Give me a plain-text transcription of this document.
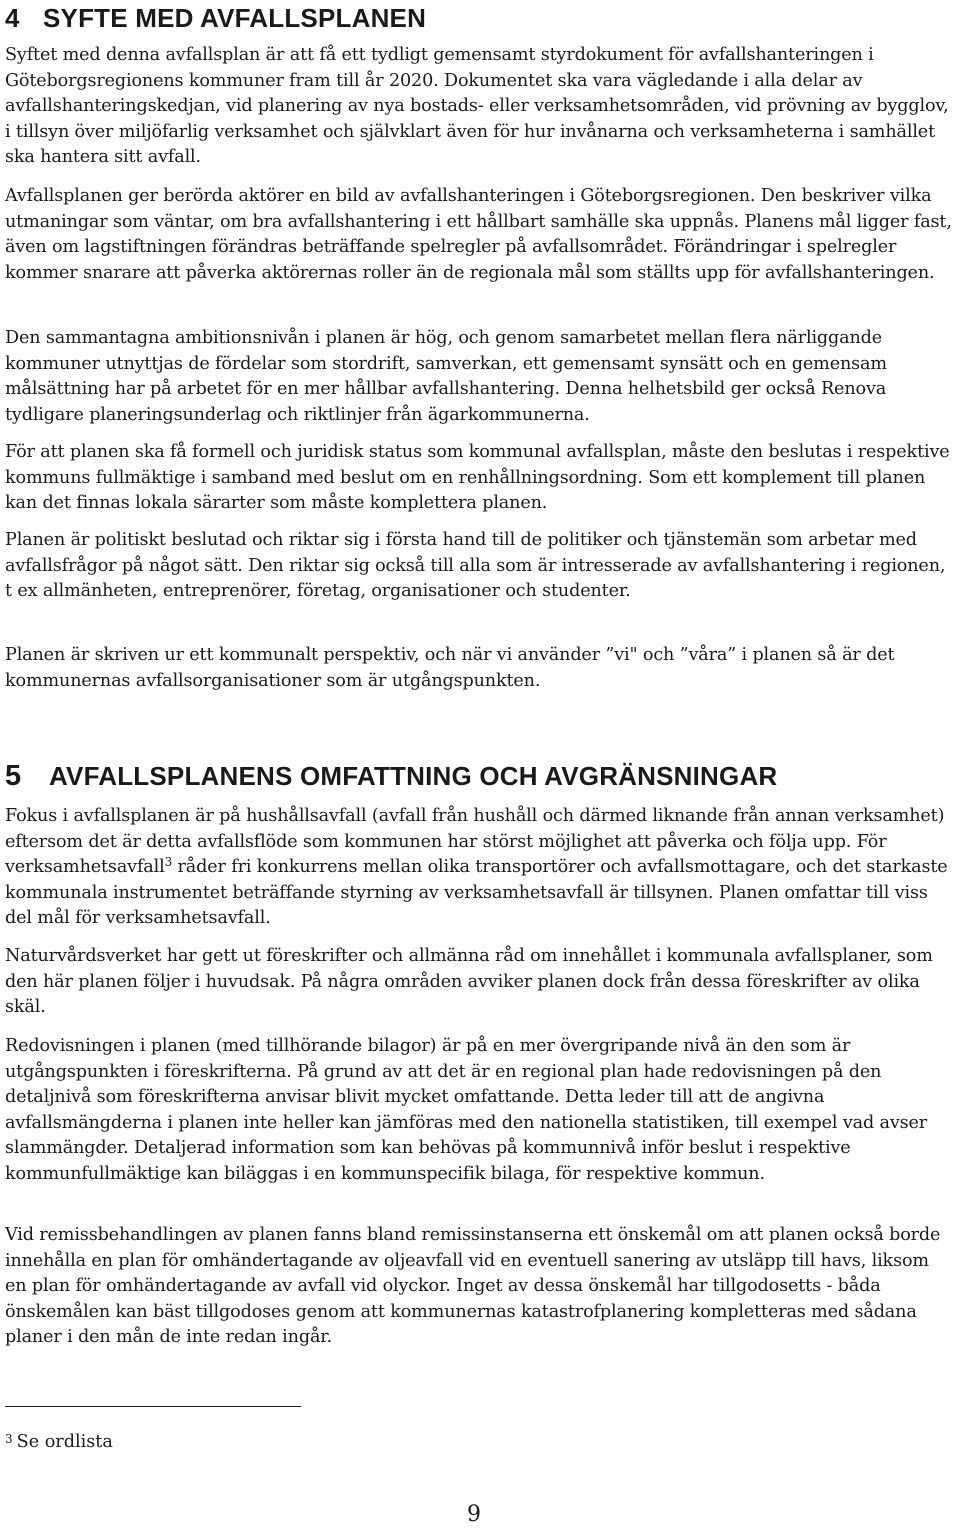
4 SYFTE MED AVFALLSPLANEN

Syftet med denna avfallsplan är att få ett tydligt gemensamt styrdokument för avfallshanteringen i Göteborgsregionens kommuner fram till år 2020. Dokumentet ska vara vägledande i alla delar av avfallshanteringskedjan, vid planering av nya bostads- eller verksamhetsområden, vid prövning av bygglov, i tillsyn över miljöfarlig verksamhet och självklart även för hur invånarna och verksamheterna i samhället ska hantera sitt avfall.

Avfallsplanen ger berörda aktörer en bild av avfallshanteringen i Göteborgsregionen. Den beskriver vilka utmaningar som väntar, om bra avfallshantering i ett hållbart samhälle ska uppnås. Planens mål ligger fast, även om lagstiftningen förändras beträffande spelregler på avfallsområdet. Förändringar i spelregler kommer snarare att påverka aktörernas roller än de regionala mål som ställts upp för avfallshanteringen.

Den sammantagna ambitionsnivån i planen är hög, och genom samarbetet mellan flera närliggande kommuner utnyttjas de fördelar som stordrift, samverkan, ett gemensamt synsätt och en gemensam målsättning har på arbetet för en mer hållbar avfallshantering. Denna helhetsbild ger också Renova tydligare planeringsunderlag och riktlinjer från ägarkommunerna.

För att planen ska få formell och juridisk status som kommunal avfallsplan, måste den beslutas i respektive kommuns fullmäktige i samband med beslut om en renhållningsordning. Som ett komplement till planen kan det finnas lokala särarter som måste komplettera planen.

Planen är politiskt beslutad och riktar sig i första hand till de politiker och tjänstemän som arbetar med avfallsfrågor på något sätt. Den riktar sig också till alla som är intresserade av avfallshantering i regionen, t ex allmänheten, entreprenörer, företag, organisationer och studenter.

Planen är skriven ur ett kommunalt perspektiv, och när vi använder ”vi" och ”våra” i planen så är det kommunernas avfallsorganisationer som är utgångspunkten.

5 AVFALLSPLANENS OMFATTNING OCH AVGRÄNSNINGAR

Fokus i avfallsplanen är på hushållsavfall (avfall från hushåll och därmed liknande från annan verksamhet) eftersom det är detta avfallsflöde som kommunen har störst möjlighet att påverka och följa upp. För verksamhetsavfall$^3$ råder fri konkurrens mellan olika transportörer och avfallsmottagare, och det starkaste kommunala instrumentet beträffande styrning av verksamhetsavfall är tillsynen. Planen omfattar till viss del mål för verksamhetsavfall.

Naturvårdsverket har gett ut föreskrifter och allmänna råd om innehållet i kommunala avfallsplaner, som den här planen följer i huvudsak. På några områden avviker planen dock från dessa föreskrifter av olika skäl.

Redovisningen i planen (med tillhörande bilagor) är på en mer övergripande nivå än den som är utgångspunkten i föreskrifterna. På grund av att det är en regional plan hade redovisningen på den detaljnivå som föreskrifterna anvisar blivit mycket omfattande. Detta leder till att de angivna avfallsmängderna i planen inte heller kan jämföras med den nationella statistiken, till exempel vad avser slammängder. Detaljerad information som kan behövas på kommunnivå inför beslut i respektive kommunfullmäktige kan biläggas i en kommunspecifik bilaga, för respektive kommun.

Vid remissbehandlingen av planen fanns bland remissinstanserna ett önskemål om att planen också borde innehålla en plan för omhändertagande av oljeavfall vid en eventuell sanering av utsläpp till havs, liksom en plan för omhändertagande av avfall vid olyckor. Inget av dessa önskemål har tillgodosetts - båda önskemålen kan bäst tillgodoses genom att kommunernas katastrofplanering kompletteras med sådana planer i den mån de inte redan ingår.

$^3$ Se ordlista
9
